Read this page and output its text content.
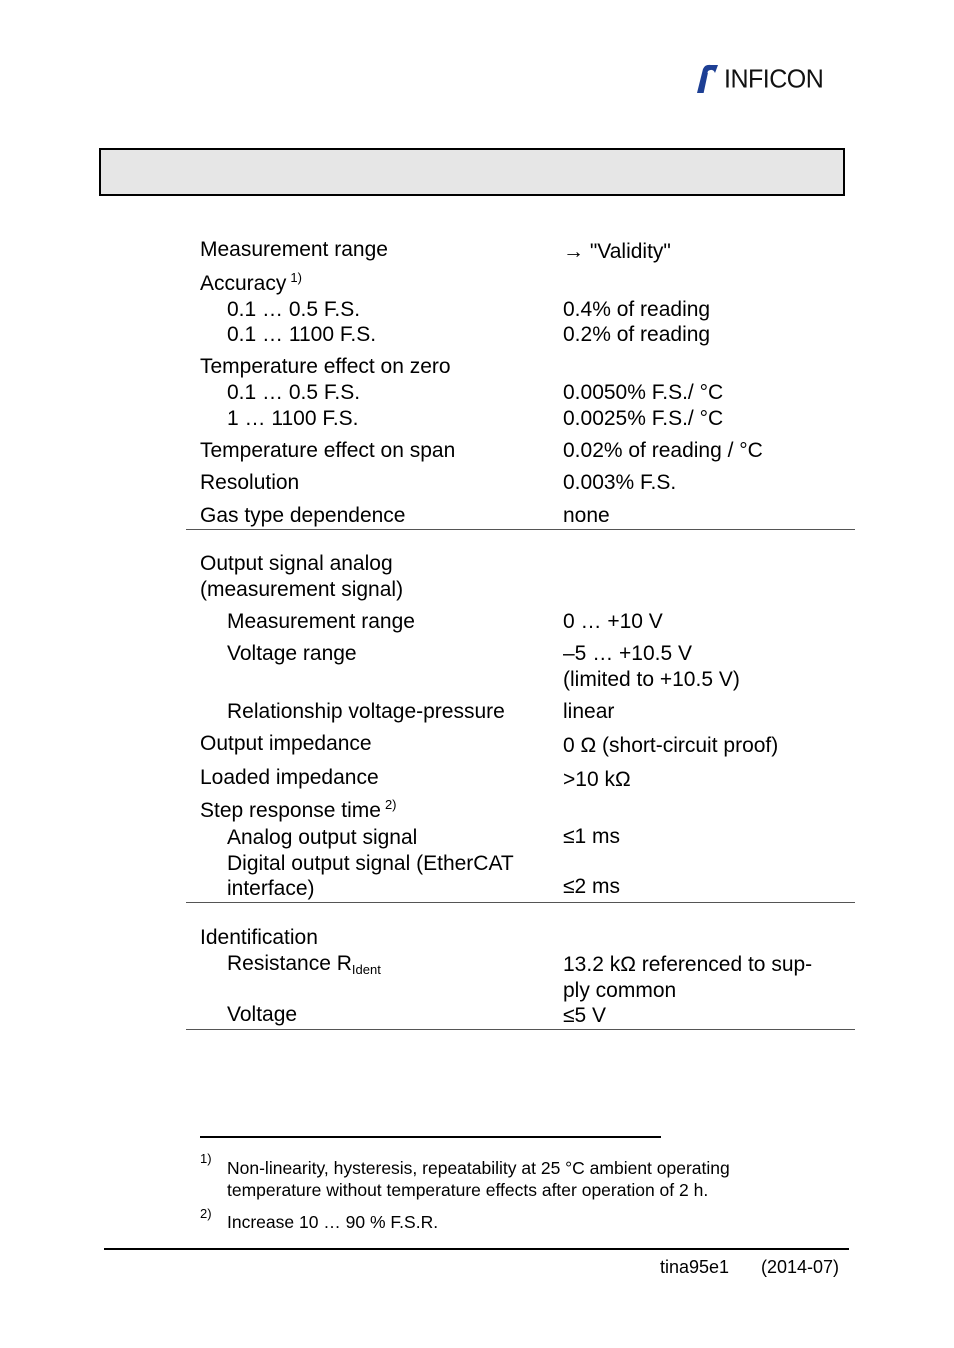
INFICON
Measurement range	→ "Validity"
Accuracy $^{1)}$
0.1 … 0.5 F.S.	0.4% of reading
0.1 … 1100 F.S.	0.2% of reading
Temperature effect on zero
0.1 … 0.5 F.S.	0.0050% F.S./ °C
1 … 1100 F.S.	0.0025% F.S./ °C
Temperature effect on span	0.02% of reading / °C
Resolution	0.003% F.S.
Gas type dependence	none
Output signal analog
(measurement signal)
Measurement range	0 … +10 V
Voltage range	–5 … +10.5 V
(limited to +10.5 V)
Relationship voltage-pressure	linear
Output impedance	0 Ω (short-circuit proof)
Loaded impedance	>10 kΩ
Step response time $^{2)}$
Analog output signal	≤1 ms
Digital output signal (EtherCAT
interface)	≤2 ms
Identification
Resistance $R_{Ident}$	13.2 kΩ referenced to sup-
ply common
Voltage	≤5 V
1) Non-linearity, hysteresis, repeatability at 25 °C ambient operating temperature without temperature effects after operation of 2 h.
2) Increase 10 … 90 % F.S.R.
tina95e1 (2014-07)
